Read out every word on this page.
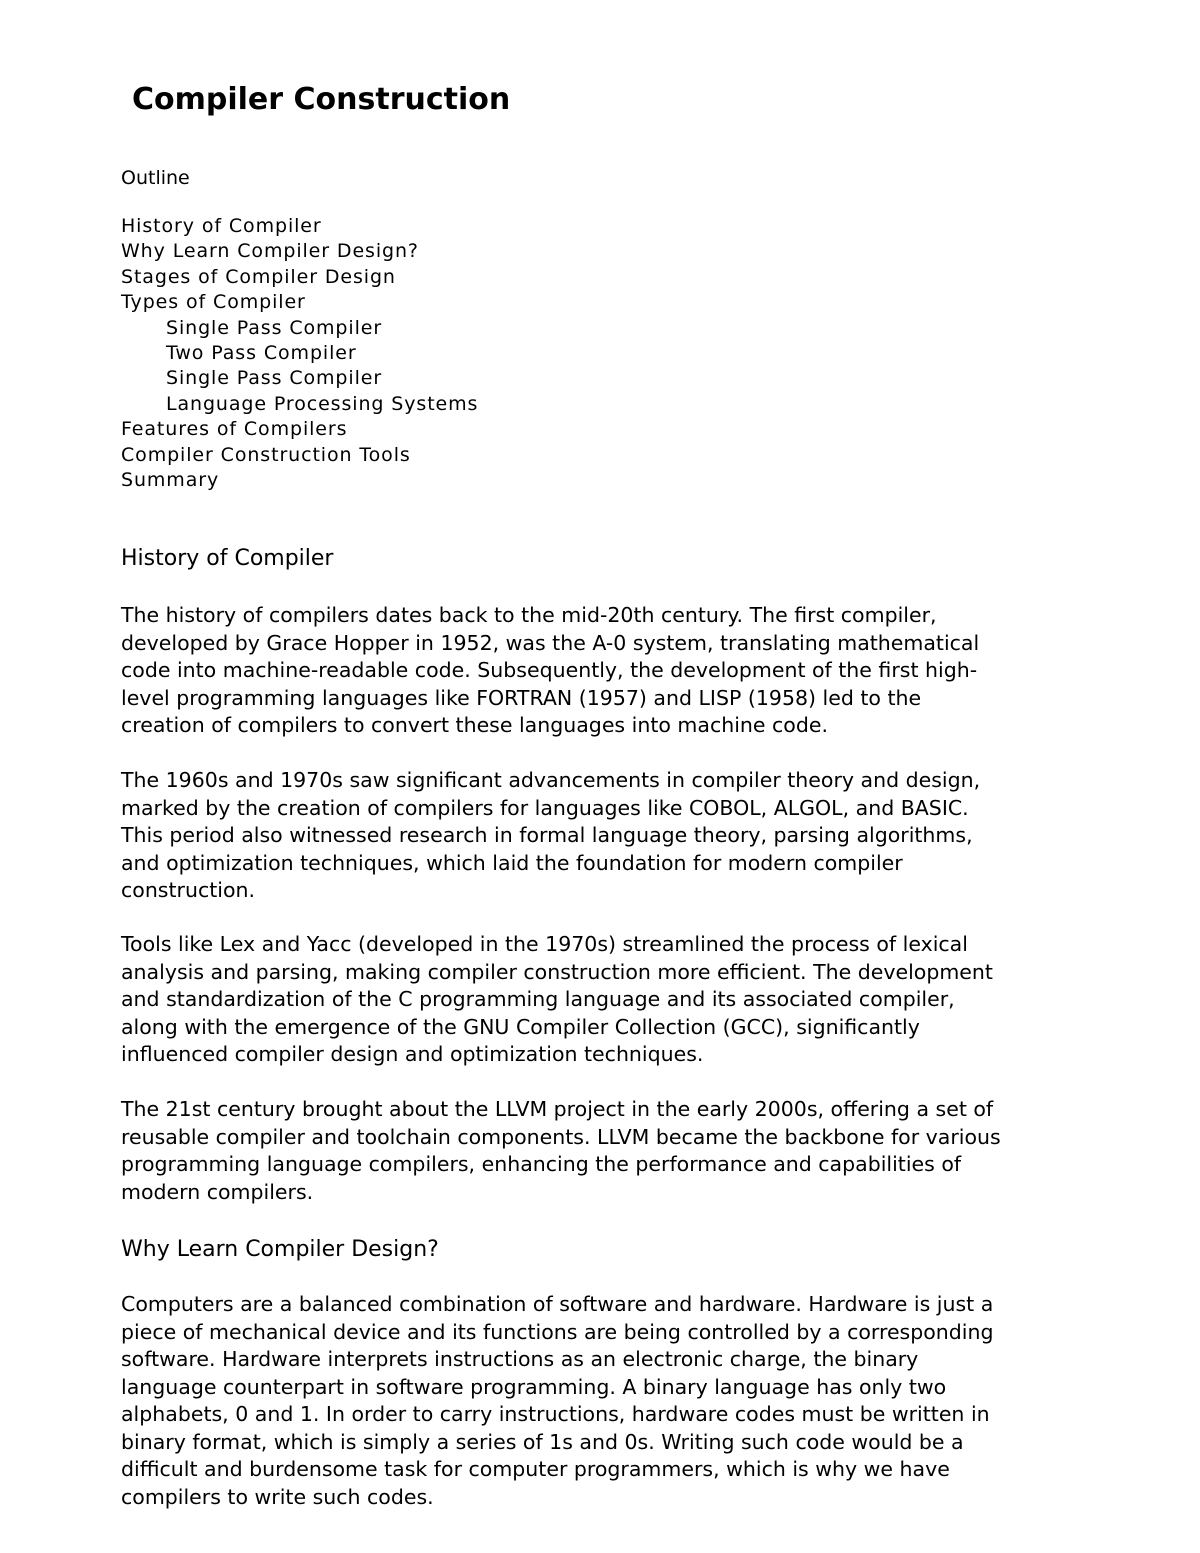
Compiler Construction
Outline
History of Compiler
Why Learn Compiler Design?
Stages of Compiler Design
Types of Compiler
Single Pass Compiler
Two Pass Compiler
Single Pass Compiler
Language Processing Systems
Features of Compilers
Compiler Construction Tools
Summary
History of Compiler

The history of compilers dates back to the mid-20th century. The first compiler,
developed by Grace Hopper in 1952, was the A-0 system, translating mathematical
code into machine-readable code. Subsequently, the development of the first high-
level programming languages like FORTRAN (1957) and LISP (1958) led to the
creation of compilers to convert these languages into machine code.

The 1960s and 1970s saw significant advancements in compiler theory and design,
marked by the creation of compilers for languages like COBOL, ALGOL, and BASIC.
This period also witnessed research in formal language theory, parsing algorithms,
and optimization techniques, which laid the foundation for modern compiler
construction.

Tools like Lex and Yacc (developed in the 1970s) streamlined the process of lexical
analysis and parsing, making compiler construction more efficient. The development
and standardization of the C programming language and its associated compiler,
along with the emergence of the GNU Compiler Collection (GCC), significantly
influenced compiler design and optimization techniques.

The 21st century brought about the LLVM project in the early 2000s, offering a set of
reusable compiler and toolchain components. LLVM became the backbone for various
programming language compilers, enhancing the performance and capabilities of
modern compilers.

Why Learn Compiler Design?

Computers are a balanced combination of software and hardware. Hardware is just a
piece of mechanical device and its functions are being controlled by a corresponding
software. Hardware interprets instructions as an electronic charge, the binary
language counterpart in software programming. A binary language has only two
alphabets, 0 and 1. In order to carry instructions, hardware codes must be written in
binary format, which is simply a series of 1s and 0s. Writing such code would be a
difficult and burdensome task for computer programmers, which is why we have
compilers to write such codes.
